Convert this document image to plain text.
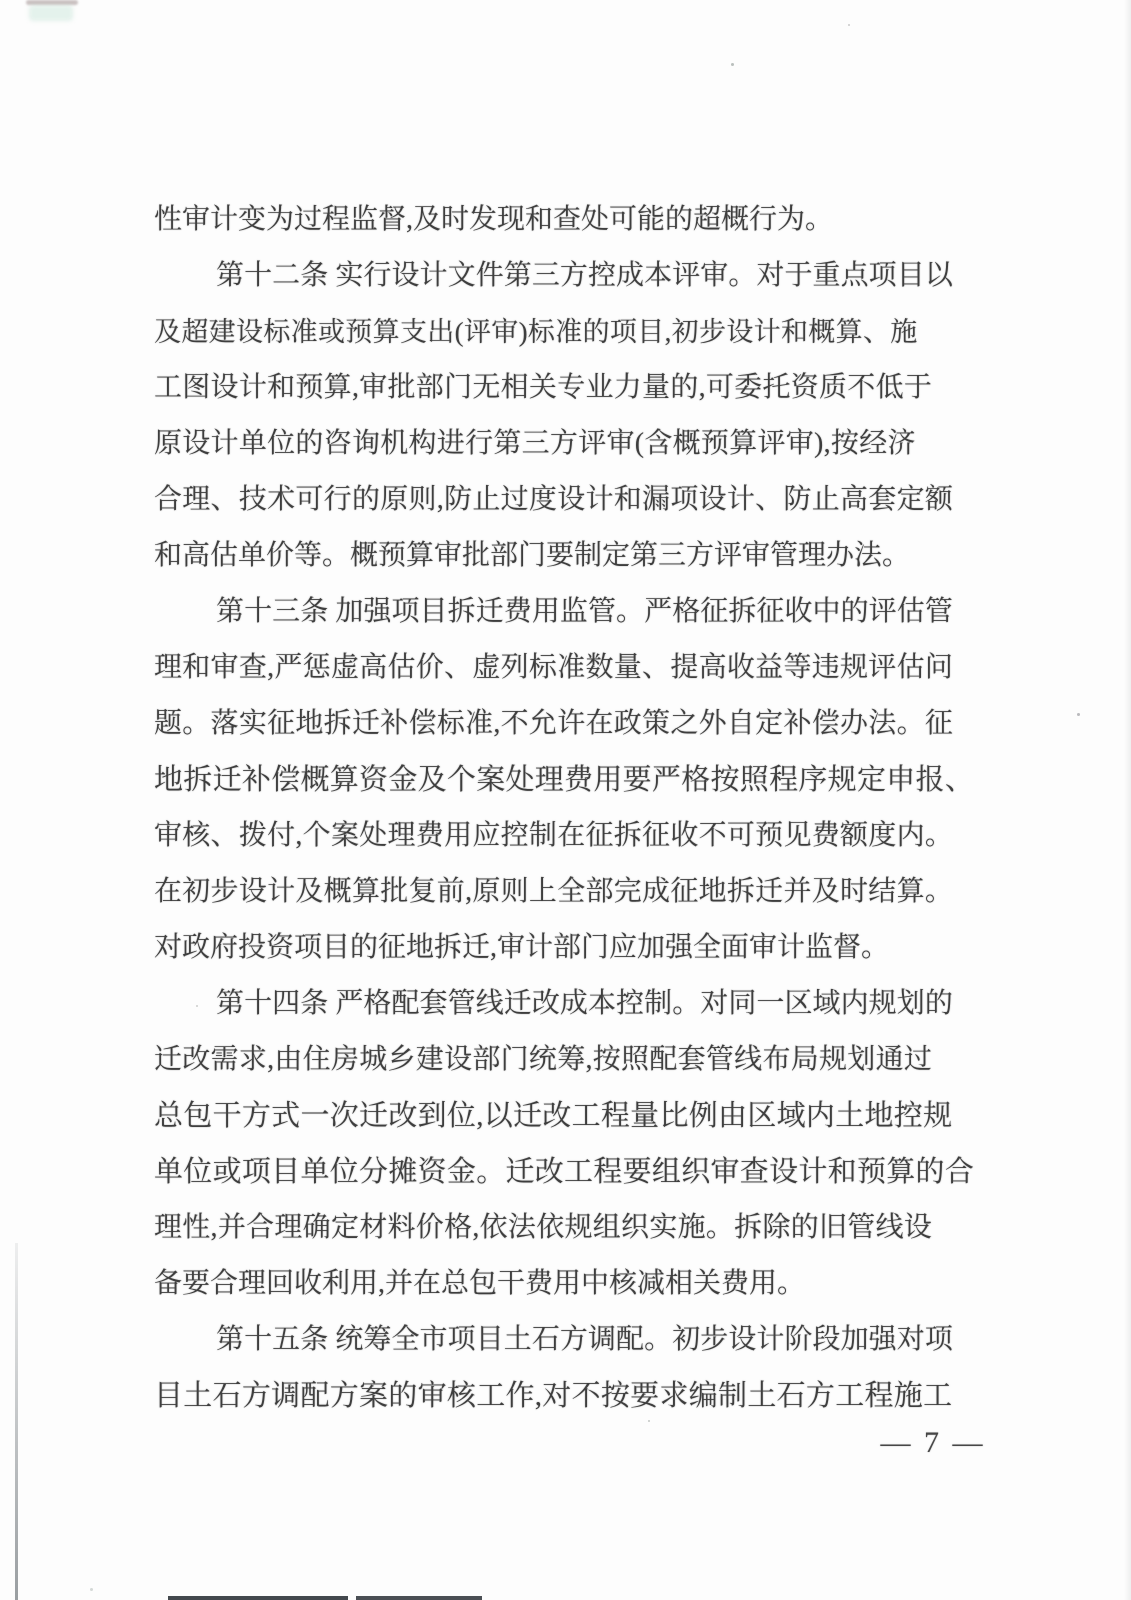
性审计变为过程监督,及时发现和查处可能的超概行为。
第十二条 实行设计文件第三方控成本评审。对于重点项目以
及超建设标准或预算支出(评审)标准的项目,初步设计和概算、施
工图设计和预算,审批部门无相关专业力量的,可委托资质不低于
原设计单位的咨询机构进行第三方评审(含概预算评审),按经济
合理、技术可行的原则,防止过度设计和漏项设计、防止高套定额
和高估单价等。概预算审批部门要制定第三方评审管理办法。
第十三条 加强项目拆迁费用监管。严格征拆征收中的评估管
理和审查,严惩虚高估价、虚列标准数量、提高收益等违规评估问
题。落实征地拆迁补偿标准,不允许在政策之外自定补偿办法。征
地拆迁补偿概算资金及个案处理费用要严格按照程序规定申报、
审核、拨付,个案处理费用应控制在征拆征收不可预见费额度内。
在初步设计及概算批复前,原则上全部完成征地拆迁并及时结算。
对政府投资项目的征地拆迁,审计部门应加强全面审计监督。
第十四条 严格配套管线迁改成本控制。对同一区域内规划的
迁改需求,由住房城乡建设部门统筹,按照配套管线布局规划通过
总包干方式一次迁改到位,以迁改工程量比例由区域内土地控规
单位或项目单位分摊资金。迁改工程要组织审查设计和预算的合
理性,并合理确定材料价格,依法依规组织实施。拆除的旧管线设
备要合理回收利用,并在总包干费用中核减相关费用。
第十五条 统筹全市项目土石方调配。初步设计阶段加强对项
目土石方调配方案的审核工作,对不按要求编制土石方工程施工
— 7 —
